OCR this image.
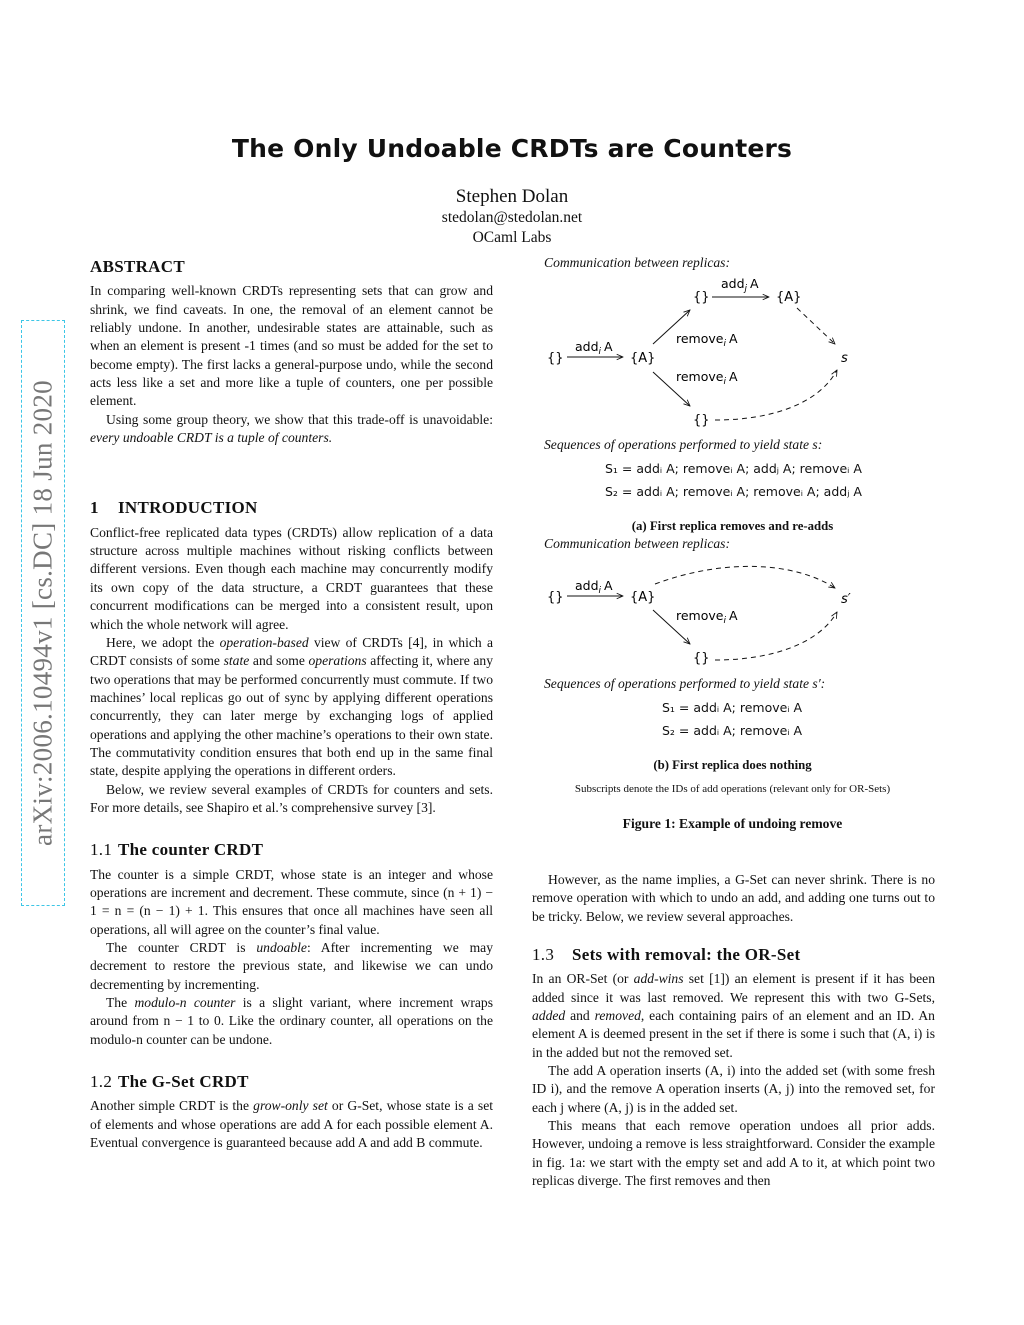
The Only Undoable CRDTs are Counters
Stephen Dolan
stedolan@stedolan.net
OCaml Labs
arXiv:2006.10494v1 [cs.DC] 18 Jun 2020
ABSTRACT

In comparing well-known CRDTs representing sets that can grow and shrink, we find caveats. In one, the removal of an element cannot be reliably undone. In another, undesirable states are attainable, such as when an element is present -1 times (and so must be added for the set to become empty). The first lacks a general-purpose undo, while the second acts less like a set and more like a tuple of counters, one per possible element.

Using some group theory, we show that this trade-off is unavoidable: every undoable CRDT is a tuple of counters.

1 INTRODUCTION

Conflict-free replicated data types (CRDTs) allow replication of a data structure across multiple machines without risking conflicts between different versions. Even though each machine may concurrently modify its own copy of the data structure, a CRDT guarantees that these concurrent modifications can be merged into a consistent result, upon which the whole network will agree.

Here, we adopt the operation-based view of CRDTs [4], in which a CRDT consists of some state and some operations affecting it, where any two operations that may be performed concurrently must commute. If two machines’ local replicas go out of sync by applying different operations concurrently, they can later merge by exchanging logs of applied operations and applying the other machine’s operations to their own state. The commutativity condition ensures that both end up in the same final state, despite applying the operations in different orders.

Below, we review several examples of CRDTs for counters and sets. For more details, see Shapiro et al.’s comprehensive survey [3].

1.1 The counter CRDT

The counter is a simple CRDT, whose state is an integer and whose operations are increment and decrement. These commute, since (n + 1) − 1 = n = (n − 1) + 1. This ensures that once all machines have seen all operations, all will agree on the counter’s final value.

The counter CRDT is undoable: After incrementing we may decrement to restore the previous state, and likewise we can undo decrementing by incrementing.

The modulo-n counter is a slight variant, where increment wraps around from n − 1 to 0. Like the ordinary counter, all operations on the modulo-n counter can be undone.

1.2 The G-Set CRDT

Another simple CRDT is the grow-only set or G-Set, whose state is a set of elements and whose operations are add A for each possible element A. Eventual convergence is guaranteed because add A and add B commute.

Communication between replicas:
{}	{A}
{}	{A}
{}
s
add$_i$ A
remove$_i$ A
remove$_i$ A
add$_j$ A
Sequences of operations performed to yield state s:
S₁ = addᵢ A; removeᵢ A; addⱼ A; removeᵢ A
S₂ = addᵢ A; removeᵢ A; removeᵢ A; addⱼ A
(a) First replica removes and re-adds
Communication between replicas:
{}	{A}
{}
s′
add$_i$ A
remove$_i$ A
Sequences of operations performed to yield state s′:
S₁ = addᵢ A; removeᵢ A
S₂ = addᵢ A; removeᵢ A
(b) First replica does nothing
Subscripts denote the IDs of add operations (relevant only for OR-Sets)
Figure 1: Example of undoing remove

However, as the name implies, a G-Set can never shrink. There is no remove operation with which to undo an add, and adding one turns out to be tricky. Below, we review several approaches.

1.3 Sets with removal: the OR-Set

In an OR-Set (or add-wins set [1]) an element is present if it has been added since it was last removed. We represent this with two G-Sets, added and removed, each containing pairs of an element and an ID. An element A is deemed present in the set if there is some i such that (A, i) is in the added but not the removed set.

The add A operation inserts (A, i) into the added set (with some fresh ID i), and the remove A operation inserts (A, j) into the removed set, for each j where (A, j) is in the added set.

This means that each remove operation undoes all prior adds. However, undoing a remove is less straightforward. Consider the example in fig. 1a: we start with the empty set and add A to it, at which point two replicas diverge. The first removes and then
